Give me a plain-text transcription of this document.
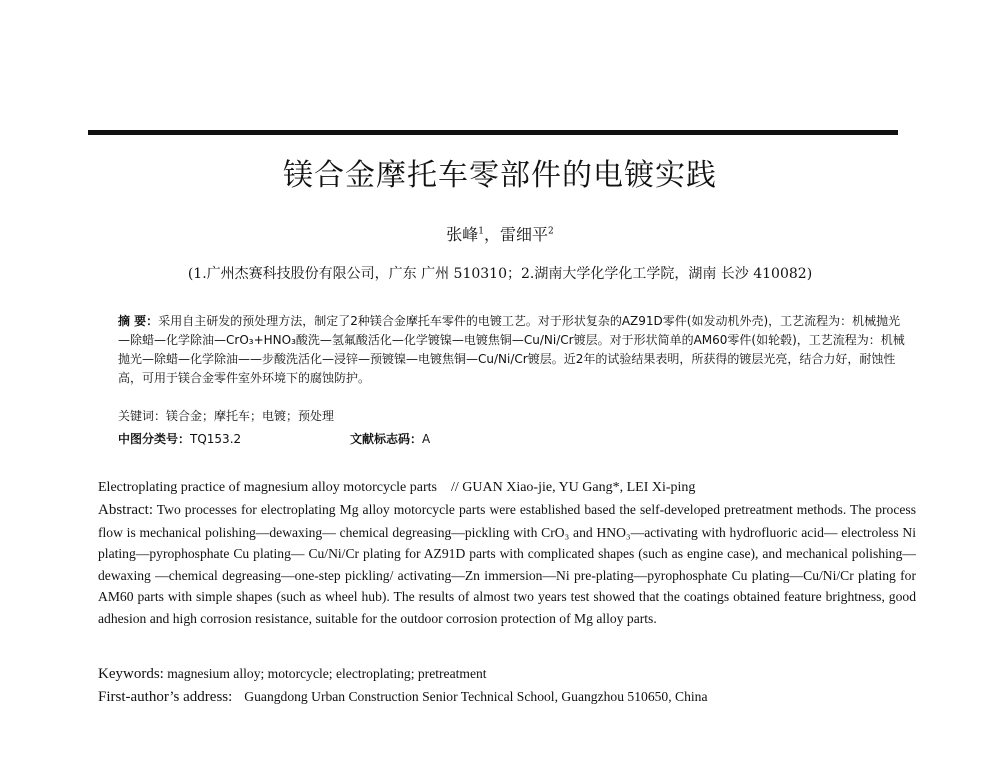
镁合金摩托车零部件的电镀实践
张峰$^1$，雷细平$^2$
(1.广州杰赛科技股份有限公司，广东 广州 510310；2.湖南大学化学化工学院，湖南 长沙 410082)
摘 要：采用自主研发的预处理方法，制定了2种镁合金摩托车零件的电镀工艺。对于形状复杂的AZ91D零件(如发动机外壳)，工艺流程为：机械抛光—除蜡—化学除油—CrO₃+HNO₃酸洗—氢氟酸活化—化学镀镍—电镀焦铜—Cu/Ni/Cr镀层。对于形状简单的AM60零件(如轮毂)，工艺流程为：机械抛光—除蜡—化学除油——步酸洗活化—浸锌—预镀镍—电镀焦铜—Cu/Ni/Cr镀层。近2年的试验结果表明，所获得的镀层光亮，结合力好，耐蚀性高，可用于镁合金零件室外环境下的腐蚀防护。
关键词：镁合金；摩托车；电镀；预处理
中图分类号：TQ153.2	文献标志码：A
Electroplating practice of magnesium alloy motorcycle parts // GUAN Xiao-jie, YU Gang*, LEI Xi-ping
Abstract: Two processes for electroplating Mg alloy motorcycle parts were established based the self-developed pretreatment methods. The process flow is mechanical polishing—dewaxing— chemical degreasing—pickling with CrO₃ and HNO₃—activating with hydrofluoric acid— electroless Ni plating—pyrophosphate Cu plating— Cu/Ni/Cr plating for AZ91D parts with complicated shapes (such as engine case), and mechanical polishing— dewaxing —chemical degreasing—one-step pickling/ activating—Zn immersion—Ni pre-plating—pyrophosphate Cu plating—Cu/Ni/Cr plating for AM60 parts with simple shapes (such as wheel hub). The results of almost two years test showed that the coatings obtained feature brightness, good adhesion and high corrosion resistance, suitable for the outdoor corrosion protection of Mg alloy parts.
Keywords: magnesium alloy; motorcycle; electroplating; pretreatment
First-author’s address: Guangdong Urban Construction Senior Technical School, Guangzhou 510650, China
